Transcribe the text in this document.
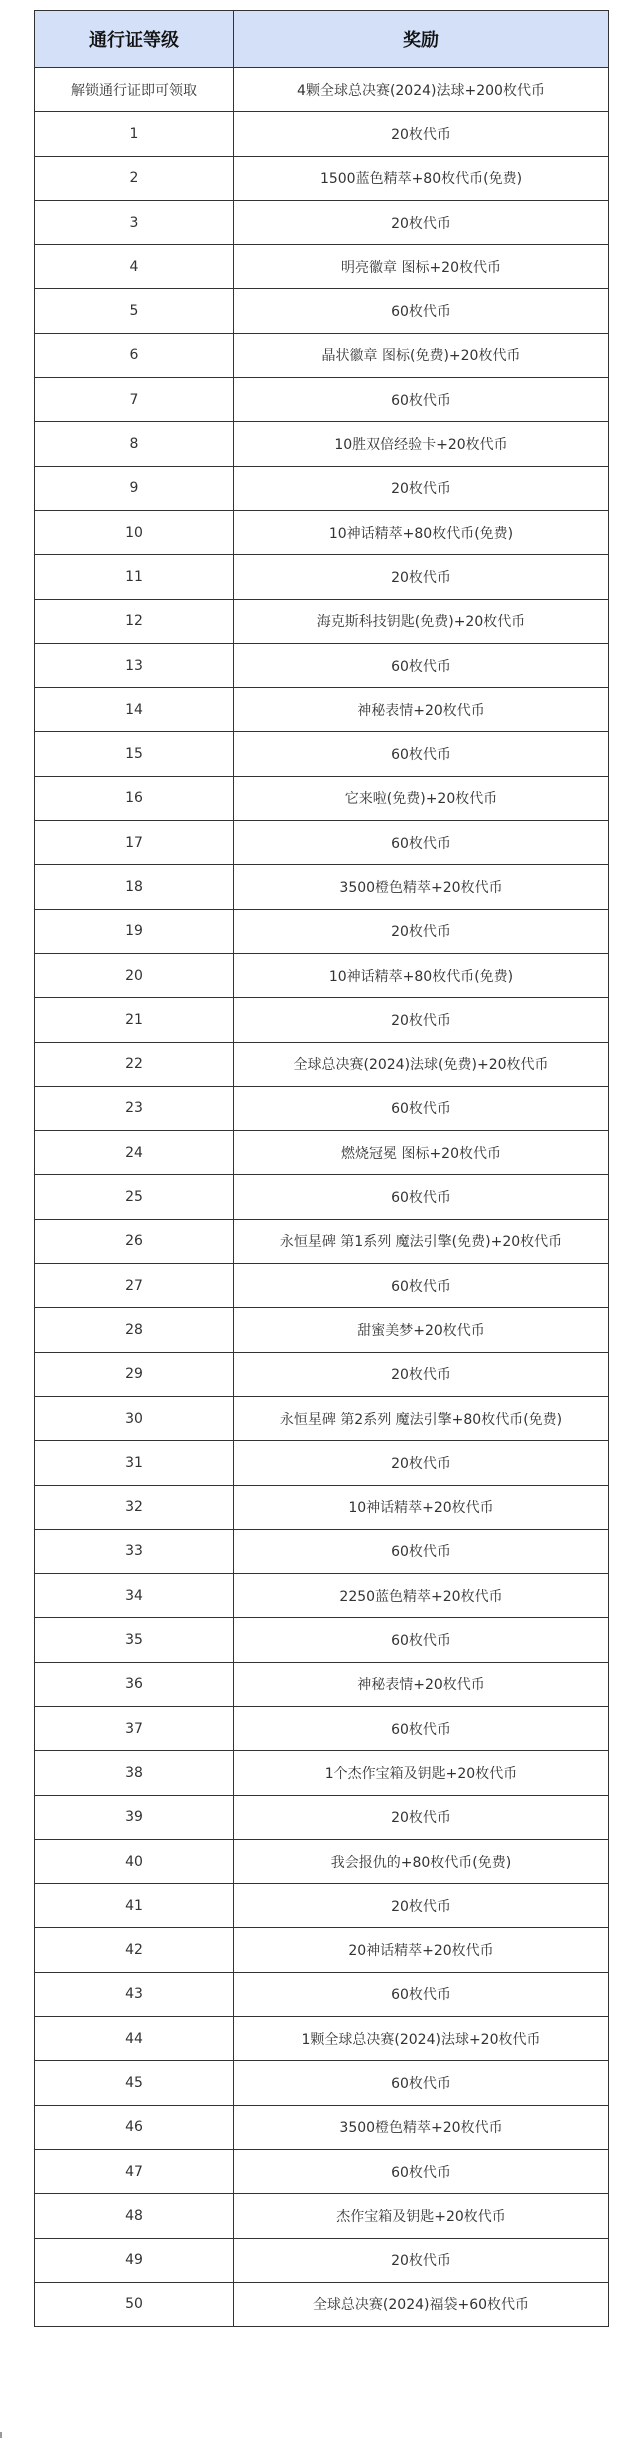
通行证等级	奖励
解锁通行证即可领取	4颗全球总决赛(2024)法球+200枚代币
1	20枚代币
2	1500蓝色精萃+80枚代币(免费)
3	20枚代币
4	明亮徽章 图标+20枚代币
5	60枚代币
6	晶状徽章 图标(免费)+20枚代币
7	60枚代币
8	10胜双倍经验卡+20枚代币
9	20枚代币
10	10神话精萃+80枚代币(免费)
11	20枚代币
12	海克斯科技钥匙(免费)+20枚代币
13	60枚代币
14	神秘表情+20枚代币
15	60枚代币
16	它来啦(免费)+20枚代币
17	60枚代币
18	3500橙色精萃+20枚代币
19	20枚代币
20	10神话精萃+80枚代币(免费)
21	20枚代币
22	全球总决赛(2024)法球(免费)+20枚代币
23	60枚代币
24	燃烧冠冕 图标+20枚代币
25	60枚代币
26	永恒星碑 第1系列 魔法引擎(免费)+20枚代币
27	60枚代币
28	甜蜜美梦+20枚代币
29	20枚代币
30	永恒星碑 第2系列 魔法引擎+80枚代币(免费)
31	20枚代币
32	10神话精萃+20枚代币
33	60枚代币
34	2250蓝色精萃+20枚代币
35	60枚代币
36	神秘表情+20枚代币
37	60枚代币
38	1个杰作宝箱及钥匙+20枚代币
39	20枚代币
40	我会报仇的+80枚代币(免费)
41	20枚代币
42	20神话精萃+20枚代币
43	60枚代币
44	1颗全球总决赛(2024)法球+20枚代币
45	60枚代币
46	3500橙色精萃+20枚代币
47	60枚代币
48	杰作宝箱及钥匙+20枚代币
49	20枚代币
50	全球总决赛(2024)福袋+60枚代币
